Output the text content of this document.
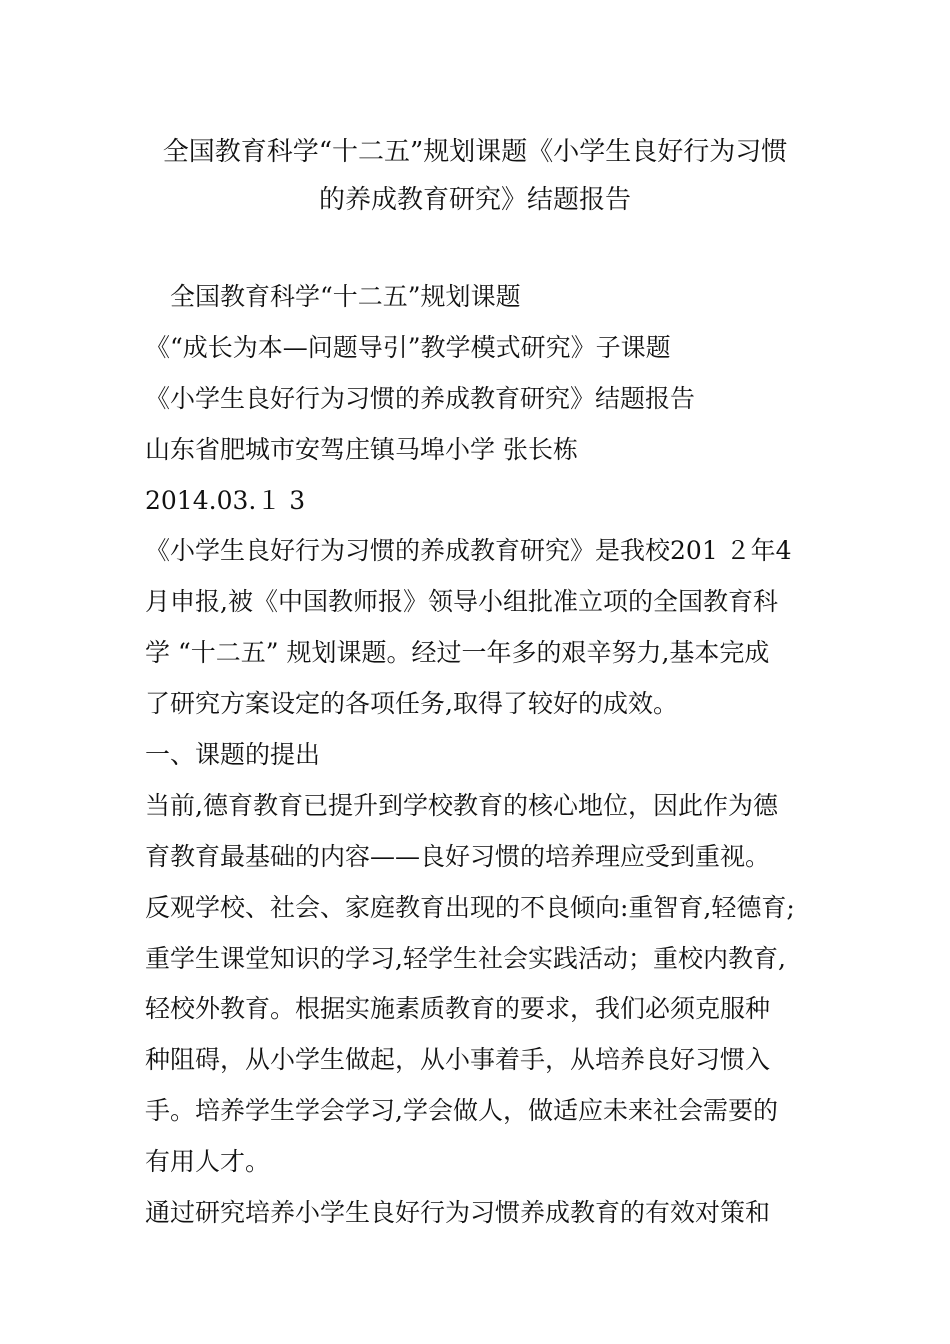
全国教育科学“十二五”规划课题《小学生良好行为习惯
的养成教育研究》结题报告
全国教育科学“十二五”规划课题
《“成长为本—问题导引”教学模式研究》子课题
《小学生良好行为习惯的养成教育研究》结题报告
山东省肥城市安驾庄镇马埠小学 张长栋
2014.03.１ 3
《小学生良好行为习惯的养成教育研究》是我校201 ２年4
月申报,被《中国教师报》领导小组批准立项的全国教育科
学 “十二五” 规划课题。经过一年多的艰辛努力,基本完成
了研究方案设定的各项任务,取得了较好的成效。
一、课题的提出
当前,德育教育已提升到学校教育的核心地位，因此作为德
育教育最基础的内容——良好习惯的培养理应受到重视。
反观学校、社会、家庭教育出现的不良倾向:重智育,轻德育;
重学生课堂知识的学习,轻学生社会实践活动；重校内教育,
轻校外教育。根据实施素质教育的要求，我们必须克服种
种阻碍，从小学生做起，从小事着手，从培养良好习惯入
手。培养学生学会学习,学会做人，做适应未来社会需要的
有用人才。
通过研究培养小学生良好行为习惯养成教育的有效对策和
